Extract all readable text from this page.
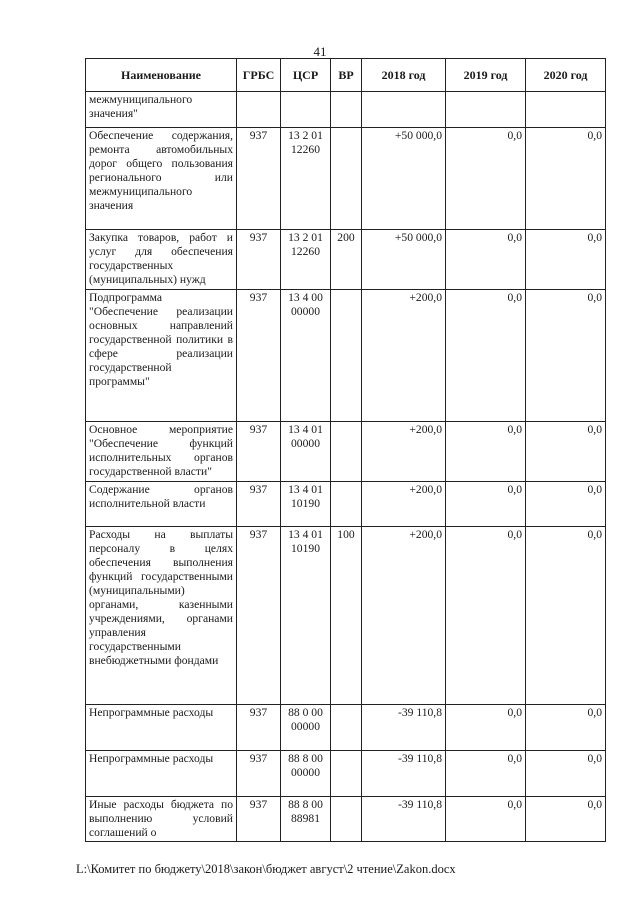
41
Наименование	ГРБС	ЦСР	ВР	2018 год	2019 год	2020 год
межмуниципального значения"						
Обеспечение содержания, ремонта автомобильных дорог общего пользования регионального или межмуниципального значения	937	13 2 01 12260		+50 000,0	0,0	0,0
Закупка товаров, работ и услуг для обеспечения государственных (муниципальных) нужд	937	13 2 01 12260	200	+50 000,0	0,0	0,0
Подпрограмма "Обеспечение реализации основных направлений государственной политики в сфере реализации государственной программы"	937	13 4 00 00000		+200,0	0,0	0,0
Основное мероприятие "Обеспечение функций исполнительных органов государственной власти"	937	13 4 01 00000		+200,0	0,0	0,0
Содержание органов исполнительной власти	937	13 4 01 10190		+200,0	0,0	0,0
Расходы на выплаты персоналу в целях обеспечения выполнения функций государственными (муниципальными) органами, казенными учреждениями, органами управления государственными внебюджетными фондами	937	13 4 01 10190	100	+200,0	0,0	0,0
Непрограммные расходы	937	88 0 00 00000		-39 110,8	0,0	0,0
Непрограммные расходы	937	88 8 00 00000		-39 110,8	0,0	0,0
Иные расходы бюджета по выполнению условий соглашений о	937	88 8 00 88981		-39 110,8	0,0	0,0
L:\Комитет по бюджету\2018\закон\бюджет август\2 чтение\Zakon.docx
